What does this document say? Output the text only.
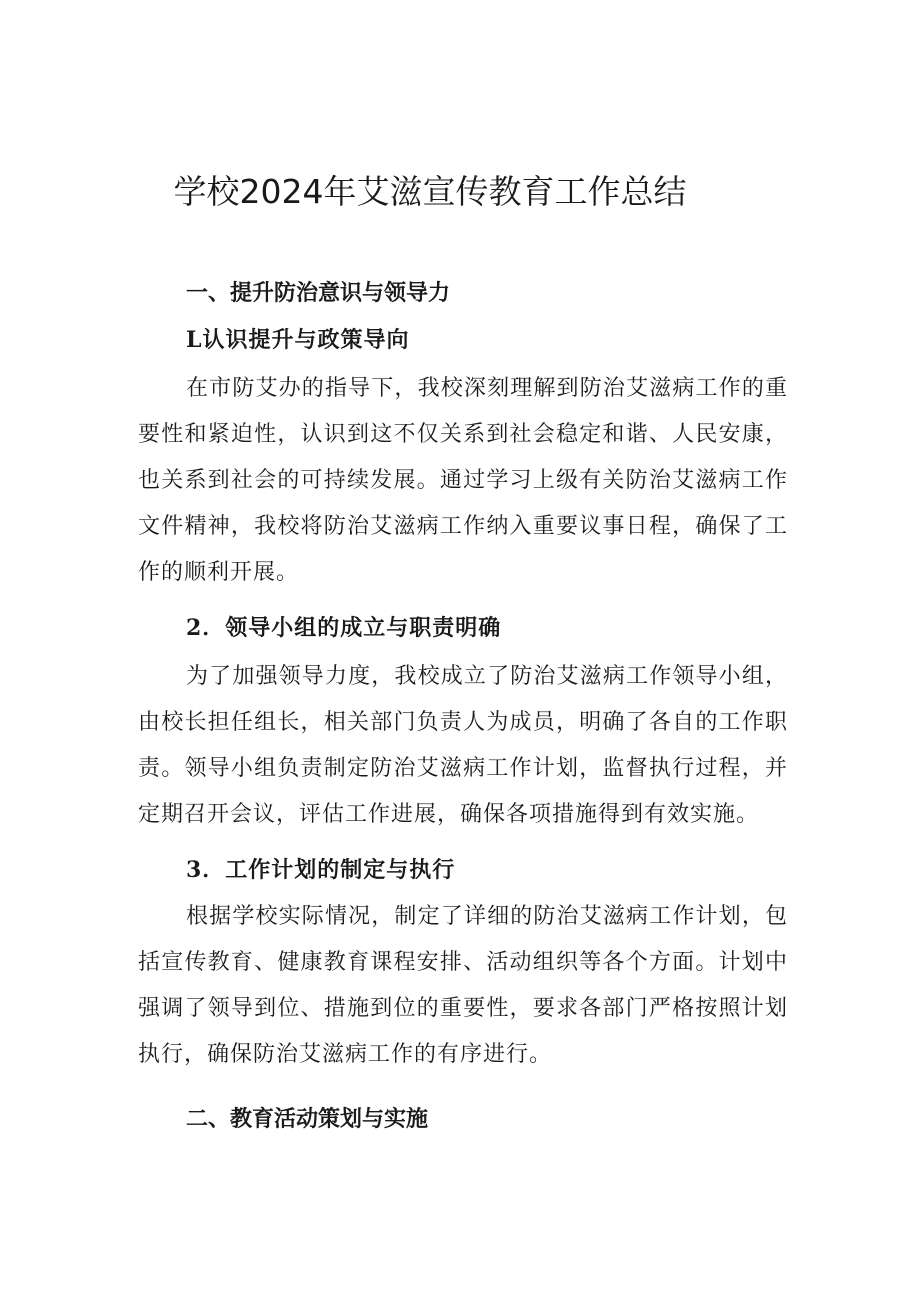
学校2024年艾滋宣传教育工作总结
一、提升防治意识与领导力
L认识提升与政策导向

在市防艾办的指导下，我校深刻理解到防治艾滋病工作的重要性和紧迫性，认识到这不仅关系到社会稳定和谐、人民安康，也关系到社会的可持续发展。通过学习上级有关防治艾滋病工作文件精神，我校将防治艾滋病工作纳入重要议事日程，确保了工作的顺利开展。

2．领导小组的成立与职责明确

为了加强领导力度，我校成立了防治艾滋病工作领导小组，由校长担任组长，相关部门负责人为成员，明确了各自的工作职责。领导小组负责制定防治艾滋病工作计划，监督执行过程，并定期召开会议，评估工作进展，确保各项措施得到有效实施。

3．工作计划的制定与执行

根据学校实际情况，制定了详细的防治艾滋病工作计划，包括宣传教育、健康教育课程安排、活动组织等各个方面。计划中强调了领导到位、措施到位的重要性，要求各部门严格按照计划执行，确保防治艾滋病工作的有序进行。

二、教育活动策划与实施
